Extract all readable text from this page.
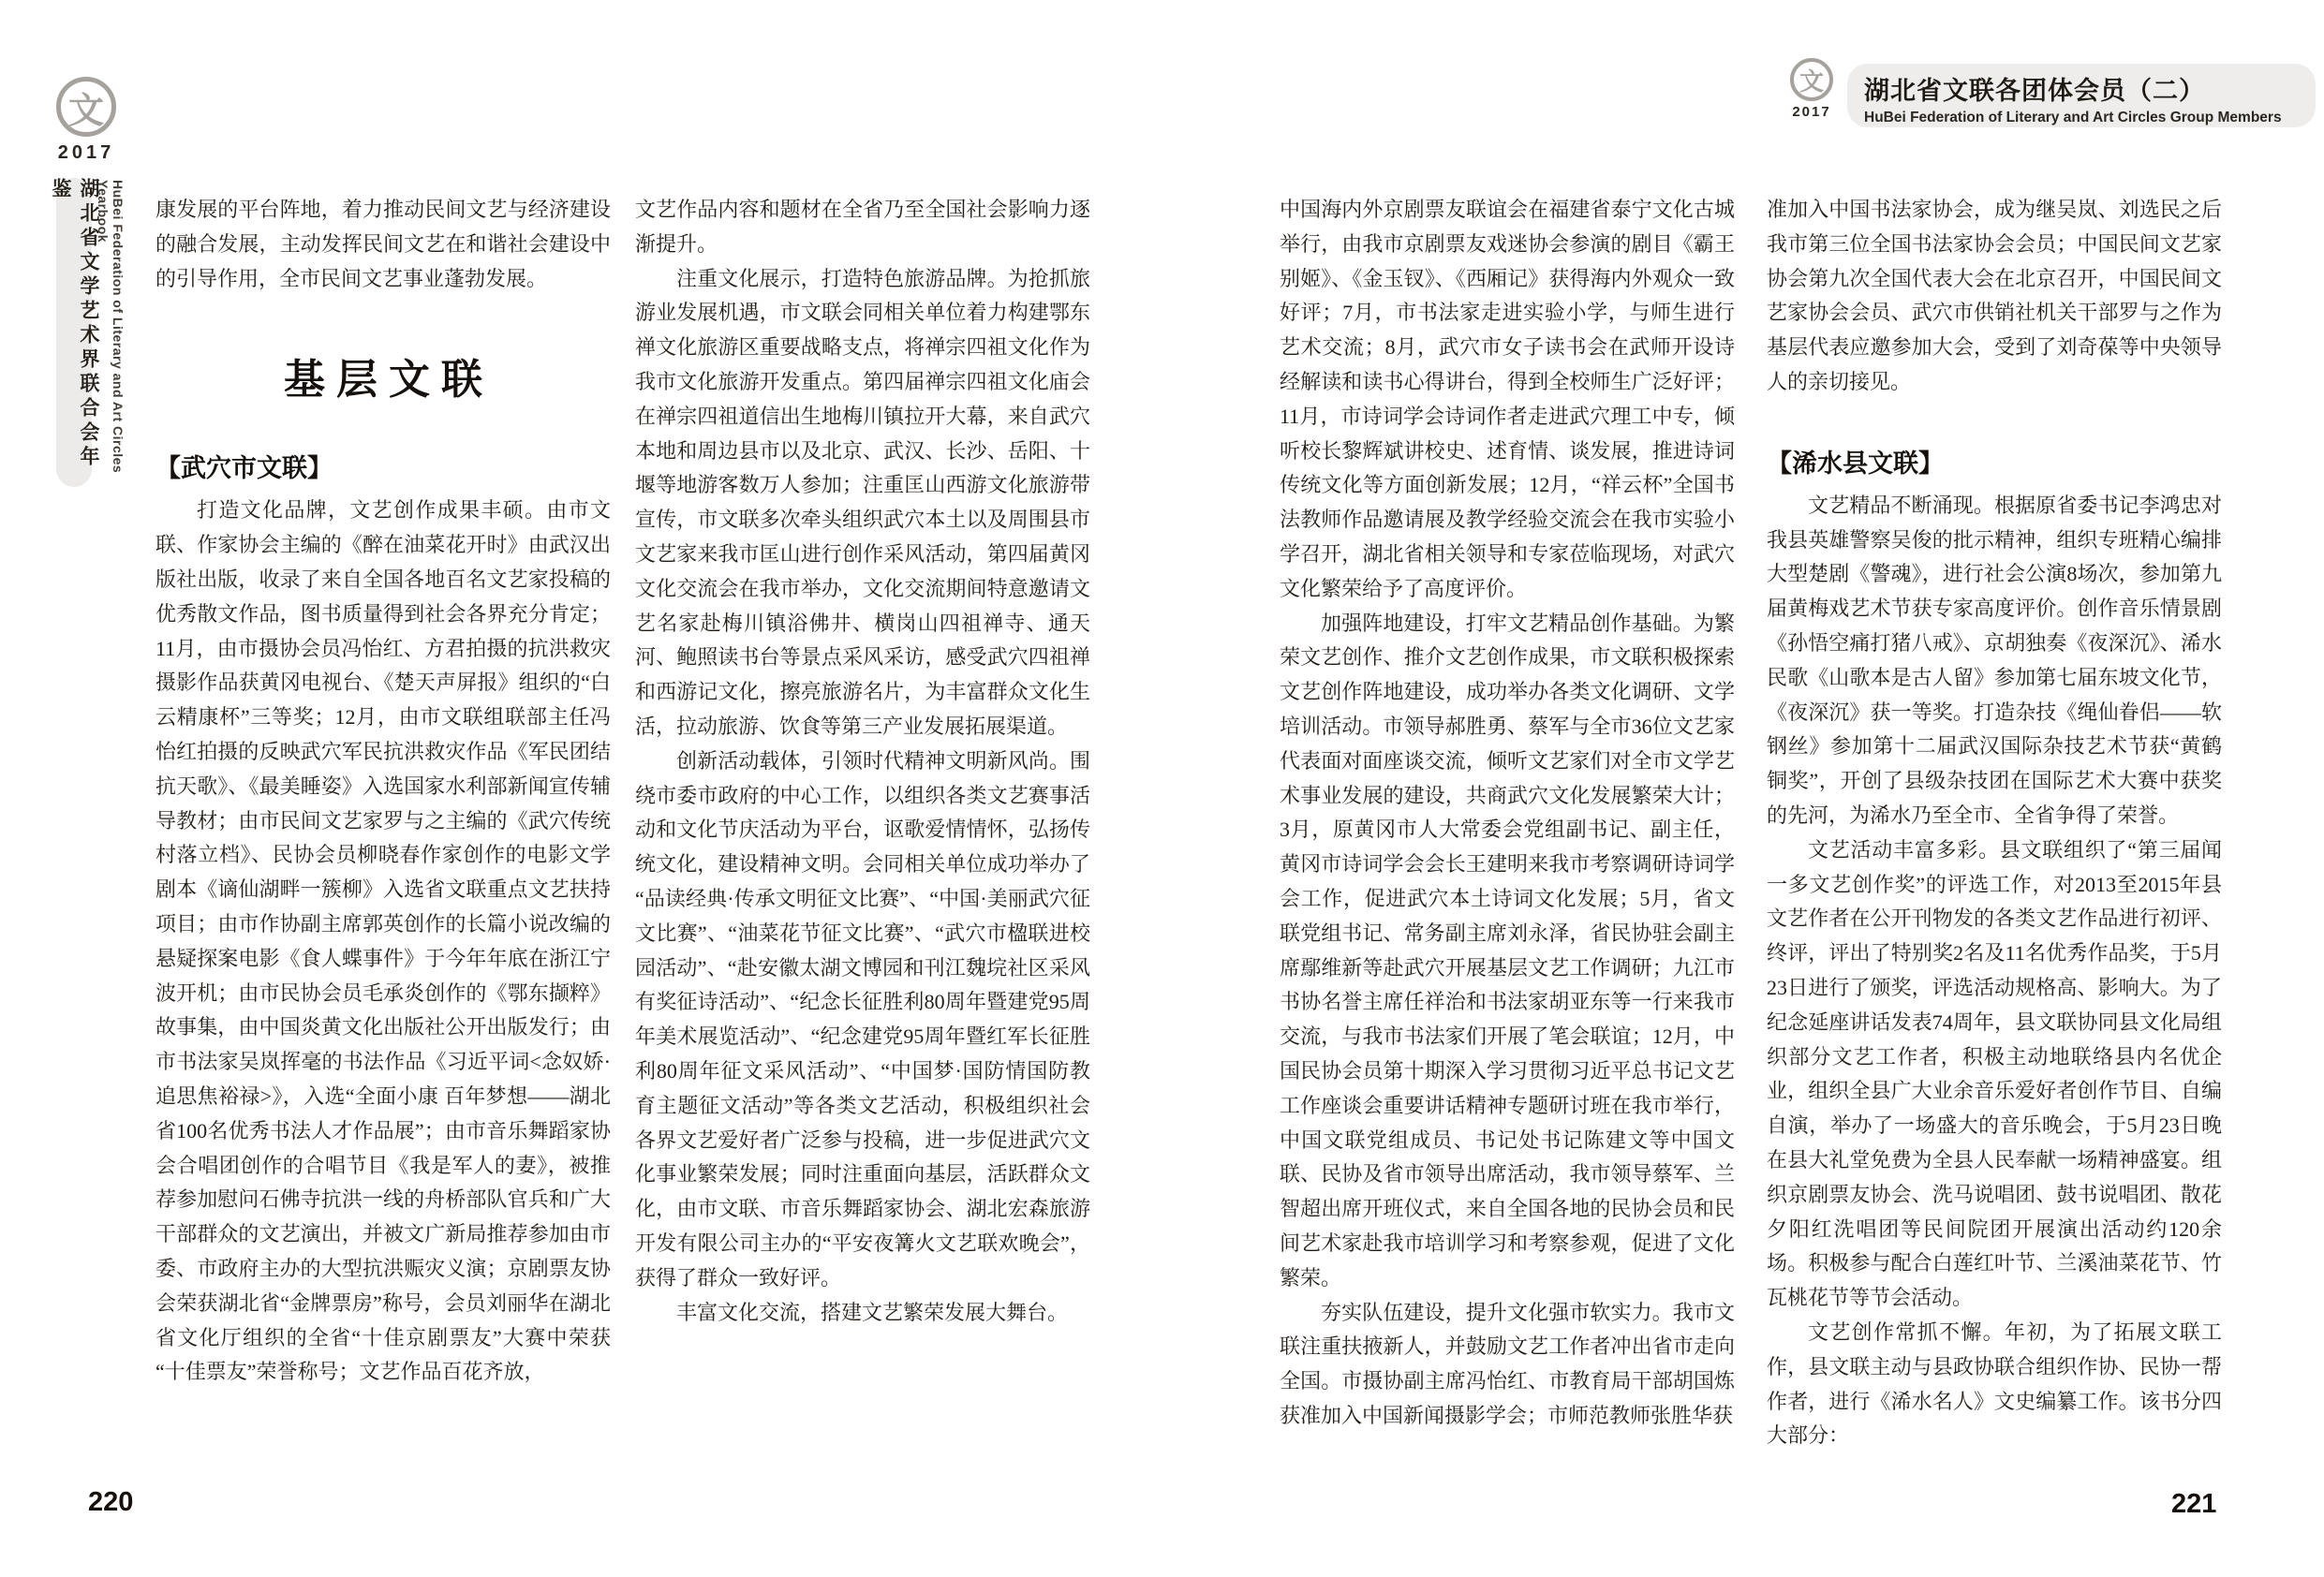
文
2017
湖北省文学艺术界联合会年鉴	HuBei Federation of Literary and Art Circles Yearbook
文
2017
湖北省文联各团体会员（二）
HuBei Federation of Literary and Art Circles Group Members
康发展的平台阵地，着力推动民间文艺与经济建设的融合发展，主动发挥民间文艺在和谐社会建设中的引导作用，全市民间文艺事业蓬勃发展。
基层文联
【武穴市文联】
打造文化品牌，文艺创作成果丰硕。由市文联、作家协会主编的《醉在油菜花开时》由武汉出版社出版，收录了来自全国各地百名文艺家投稿的优秀散文作品，图书质量得到社会各界充分肯定；11月，由市摄协会员冯怡红、方君拍摄的抗洪救灾摄影作品获黄冈电视台、《楚天声屏报》组织的“白云精康杯”三等奖；12月，由市文联组联部主任冯怡红拍摄的反映武穴军民抗洪救灾作品《军民团结抗天歌》、《最美睡姿》入选国家水利部新闻宣传辅导教材；由市民间文艺家罗与之主编的《武穴传统村落立档》、民协会员柳晓春作家创作的电影文学剧本《谪仙湖畔一簇柳》入选省文联重点文艺扶持项目；由市作协副主席郭英创作的长篇小说改编的悬疑探案电影《食人蝶事件》于今年年底在浙江宁波开机；由市民协会员毛承炎创作的《鄂东撷粹》故事集，由中国炎黄文化出版社公开出版发行；由市书法家吴岚挥毫的书法作品《习近平词<念奴娇·追思焦裕禄>》，入选“全面小康 百年梦想——湖北省100名优秀书法人才作品展”；由市音乐舞蹈家协会合唱团创作的合唱节目《我是军人的妻》，被推荐参加慰问石佛寺抗洪一线的舟桥部队官兵和广大干部群众的文艺演出，并被文广新局推荐参加由市委、市政府主办的大型抗洪赈灾义演；京剧票友协会荣获湖北省“金牌票房”称号，会员刘丽华在湖北省文化厅组织的全省“十佳京剧票友”大赛中荣获“十佳票友”荣誉称号；文艺作品百花齐放，
文艺作品内容和题材在全省乃至全国社会影响力逐渐提升。
注重文化展示，打造特色旅游品牌。为抢抓旅游业发展机遇，市文联会同相关单位着力构建鄂东禅文化旅游区重要战略支点，将禅宗四祖文化作为我市文化旅游开发重点。第四届禅宗四祖文化庙会在禅宗四祖道信出生地梅川镇拉开大幕，来自武穴本地和周边县市以及北京、武汉、长沙、岳阳、十堰等地游客数万人参加；注重匡山西游文化旅游带宣传，市文联多次牵头组织武穴本土以及周围县市文艺家来我市匡山进行创作采风活动，第四届黄冈文化交流会在我市举办，文化交流期间特意邀请文艺名家赴梅川镇浴佛井、横岗山四祖禅寺、通天河、鲍照读书台等景点采风采访，感受武穴四祖禅和西游记文化，擦亮旅游名片，为丰富群众文化生活，拉动旅游、饮食等第三产业发展拓展渠道。
创新活动载体，引领时代精神文明新风尚。围绕市委市政府的中心工作，以组织各类文艺赛事活动和文化节庆活动为平台，讴歌爱情情怀，弘扬传统文化，建设精神文明。会同相关单位成功举办了“品读经典·传承文明征文比赛”、“中国·美丽武穴征文比赛”、“油菜花节征文比赛”、“武穴市楹联进校园活动”、“赴安徽太湖文博园和刊江魏垸社区采风有奖征诗活动”、“纪念长征胜利80周年暨建党95周年美术展览活动”、“纪念建党95周年暨红军长征胜利80周年征文采风活动”、“中国梦·国防情国防教育主题征文活动”等各类文艺活动，积极组织社会各界文艺爱好者广泛参与投稿，进一步促进武穴文化事业繁荣发展；同时注重面向基层，活跃群众文化，由市文联、市音乐舞蹈家协会、湖北宏森旅游开发有限公司主办的“平安夜篝火文艺联欢晚会”，获得了群众一致好评。
丰富文化交流，搭建文艺繁荣发展大舞台。
中国海内外京剧票友联谊会在福建省泰宁文化古城举行，由我市京剧票友戏迷协会参演的剧目《霸王别姬》、《金玉钗》、《西厢记》获得海内外观众一致好评；7月，市书法家走进实验小学，与师生进行艺术交流；8月，武穴市女子读书会在武师开设诗经解读和读书心得讲台，得到全校师生广泛好评；11月，市诗词学会诗词作者走进武穴理工中专，倾听校长黎辉斌讲校史、述育情、谈发展，推进诗词传统文化等方面创新发展；12月，“祥云杯”全国书法教师作品邀请展及教学经验交流会在我市实验小学召开，湖北省相关领导和专家莅临现场，对武穴文化繁荣给予了高度评价。
加强阵地建设，打牢文艺精品创作基础。为繁荣文艺创作、推介文艺创作成果，市文联积极探索文艺创作阵地建设，成功举办各类文化调研、文学培训活动。市领导郝胜勇、蔡军与全市36位文艺家代表面对面座谈交流，倾听文艺家们对全市文学艺术事业发展的建设，共商武穴文化发展繁荣大计；3月，原黄冈市人大常委会党组副书记、副主任，黄冈市诗词学会会长王建明来我市考察调研诗词学会工作，促进武穴本土诗词文化发展；5月，省文联党组书记、常务副主席刘永泽，省民协驻会副主席鄢维新等赴武穴开展基层文艺工作调研；九江市书协名誉主席任祥治和书法家胡亚东等一行来我市交流，与我市书法家们开展了笔会联谊；12月，中国民协会员第十期深入学习贯彻习近平总书记文艺工作座谈会重要讲话精神专题研讨班在我市举行，中国文联党组成员、书记处书记陈建文等中国文联、民协及省市领导出席活动，我市领导蔡军、兰智超出席开班仪式，来自全国各地的民协会员和民间艺术家赴我市培训学习和考察参观，促进了文化繁荣。
夯实队伍建设，提升文化强市软实力。我市文联注重扶掖新人，并鼓励文艺工作者冲出省市走向全国。市摄协副主席冯怡红、市教育局干部胡国炼获准加入中国新闻摄影学会；市师范教师张胜华获
准加入中国书法家协会，成为继吴岚、刘选民之后我市第三位全国书法家协会会员；中国民间文艺家协会第九次全国代表大会在北京召开，中国民间文艺家协会会员、武穴市供销社机关干部罗与之作为基层代表应邀参加大会，受到了刘奇葆等中央领导人的亲切接见。
【浠水县文联】
文艺精品不断涌现。根据原省委书记李鸿忠对我县英雄警察吴俊的批示精神，组织专班精心编排大型楚剧《警魂》，进行社会公演8场次，参加第九届黄梅戏艺术节获专家高度评价。创作音乐情景剧《孙悟空痛打猪八戒》、京胡独奏《夜深沉》、浠水民歌《山歌本是古人留》参加第七届东坡文化节，《夜深沉》获一等奖。打造杂技《绳仙眷侣——软钢丝》参加第十二届武汉国际杂技艺术节获“黄鹤铜奖”，开创了县级杂技团在国际艺术大赛中获奖的先河，为浠水乃至全市、全省争得了荣誉。
文艺活动丰富多彩。县文联组织了“第三届闻一多文艺创作奖”的评选工作，对2013至2015年县文艺作者在公开刊物发的各类文艺作品进行初评、终评，评出了特别奖2名及11名优秀作品奖，于5月23日进行了颁奖，评选活动规格高、影响大。为了纪念延座讲话发表74周年，县文联协同县文化局组织部分文艺工作者，积极主动地联络县内名优企业，组织全县广大业余音乐爱好者创作节目、自编自演，举办了一场盛大的音乐晚会，于5月23日晚在县大礼堂免费为全县人民奉献一场精神盛宴。组织京剧票友协会、洗马说唱团、鼓书说唱团、散花夕阳红洗唱团等民间院团开展演出活动约120余场。积极参与配合白莲红叶节、兰溪油菜花节、竹瓦桃花节等节会活动。
文艺创作常抓不懈。年初，为了拓展文联工作，县文联主动与县政协联合组织作协、民协一帮作者，进行《浠水名人》文史编纂工作。该书分四大部分：
220	221
